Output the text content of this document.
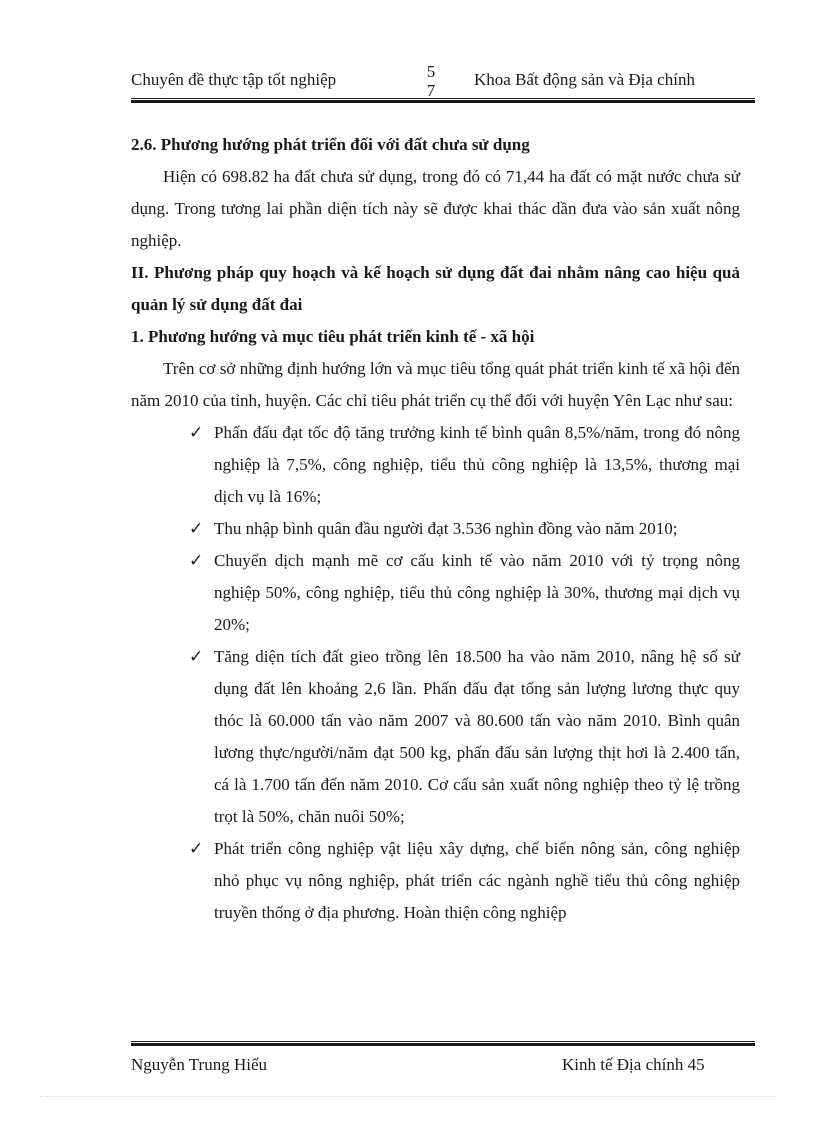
Chuyên đề thực tập tốt nghiệp	5
7
Khoa Bất động sản và Địa chính

2.6. Phương hướng phát triển đối với đất chưa sử dụng

Hiện có 698.82 ha đất chưa sử dụng, trong đó có 71,44 ha đất có mặt nước chưa sử dụng. Trong tương lai phần diện tích này sẽ được khai thác dần đưa vào sản xuất nông nghiệp.

II. Phương pháp quy hoạch và kế hoạch sử dụng đất đai nhằm nâng cao hiệu quả quản lý sử dụng đất đai

1. Phương hướng và mục tiêu phát triển kinh tế - xã hội

Trên cơ sở những định hướng lớn và mục tiêu tổng quát phát triển kinh tế xã hội đến năm 2010 của tỉnh, huyện. Các chỉ tiêu phát triển cụ thể đối với huyện Yên Lạc như sau:

✓ Phấn đấu đạt tốc độ tăng trưởng kinh tế bình quân 8,5%/năm, trong đó nông nghiệp là 7,5%, công nghiệp, tiểu thủ công nghiệp là 13,5%, thương mại dịch vụ là 16%;
✓ Thu nhập bình quân đầu người đạt 3.536 nghìn đồng vào năm 2010;
✓ Chuyển dịch mạnh mẽ cơ cấu kinh tế vào năm 2010 với tỷ trọng nông nghiệp 50%, công nghiệp, tiểu thủ công nghiệp là 30%, thương mại dịch vụ 20%;
✓ Tăng diện tích đất gieo trồng lên 18.500 ha vào năm 2010, nâng hệ số sử dụng đất lên khoảng 2,6 lần. Phấn đấu đạt tổng sản lượng lương thực quy thóc là 60.000 tấn vào năm 2007 và 80.600 tấn vào năm 2010. Bình quân lương thực/người/năm đạt 500 kg, phấn đấu sản lượng thịt hơi là 2.400 tấn, cá là 1.700 tấn đến năm 2010. Cơ cấu sản xuất nông nghiệp theo tỷ lệ trồng trọt là 50%, chăn nuôi 50%;
✓ Phát triển công nghiệp vật liệu xây dựng, chế biến nông sản, công nghiệp nhỏ phục vụ nông nghiệp, phát triển các ngành nghề tiểu thủ công nghiệp truyền thống ở địa phương. Hoàn thiện công nghiệp
Nguyễn Trung Hiếu	Kinh tế Địa chính 45
